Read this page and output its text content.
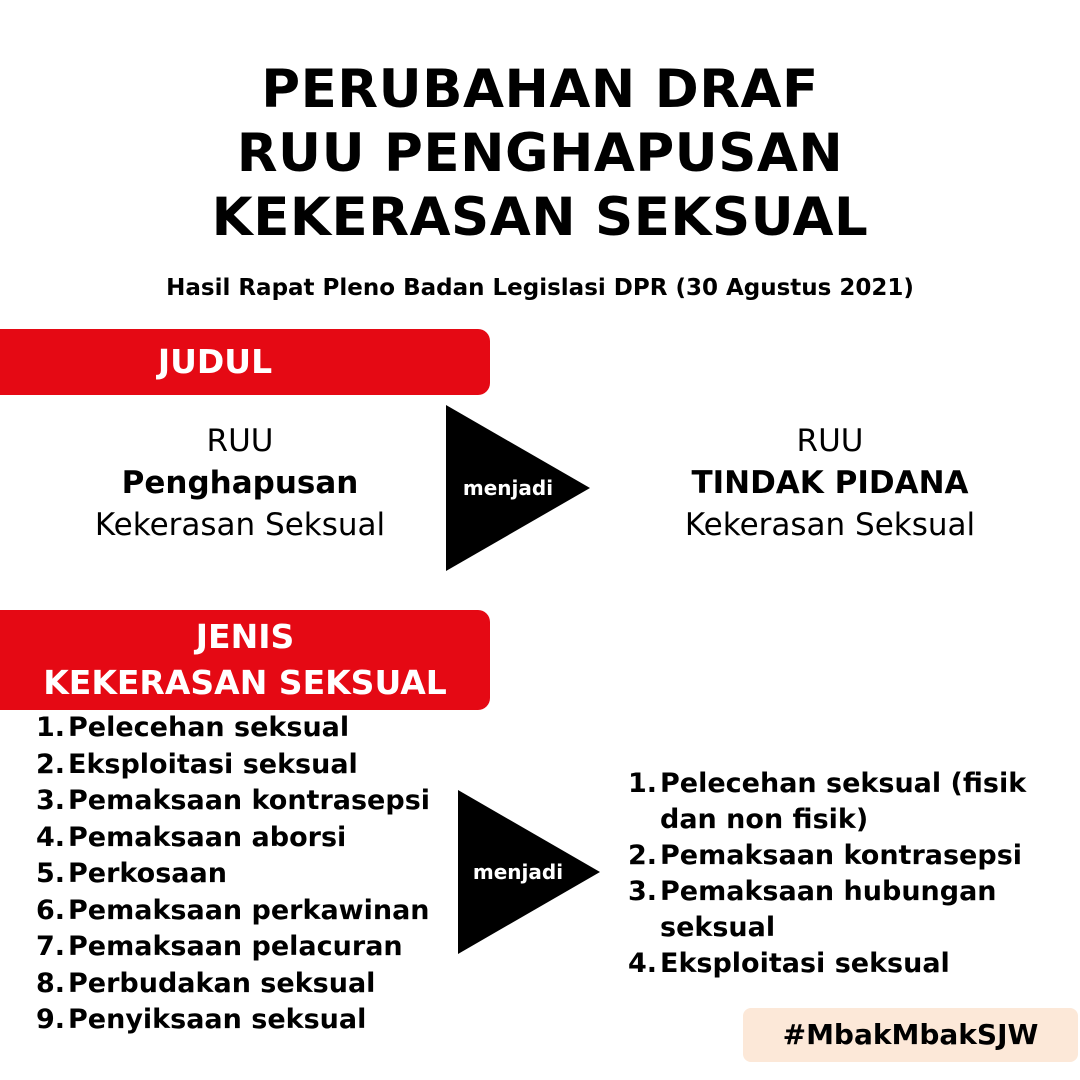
PERUBAHAN DRAF
RUU PENGHAPUSAN
KEKERASAN SEKSUAL
Hasil Rapat Pleno Badan Legislasi DPR (30 Agustus 2021)
JUDUL
RUU
Penghapusan
Kekerasan Seksual
menjadi
RUU
TINDAK PIDANA
Kekerasan Seksual
JENIS
KEKERASAN SEKSUAL
1. Pelecehan seksual
2. Eksploitasi seksual
3. Pemaksaan kontrasepsi
4. Pemaksaan aborsi
5. Perkosaan
6. Pemaksaan perkawinan
7. Pemaksaan pelacuran
8. Perbudakan seksual
9. Penyiksaan seksual
menjadi
1. Pelecehan seksual (fisik dan non fisik)
2. Pemaksaan kontrasepsi
3. Pemaksaan hubungan seksual
4. Eksploitasi seksual
#MbakMbakSJW
